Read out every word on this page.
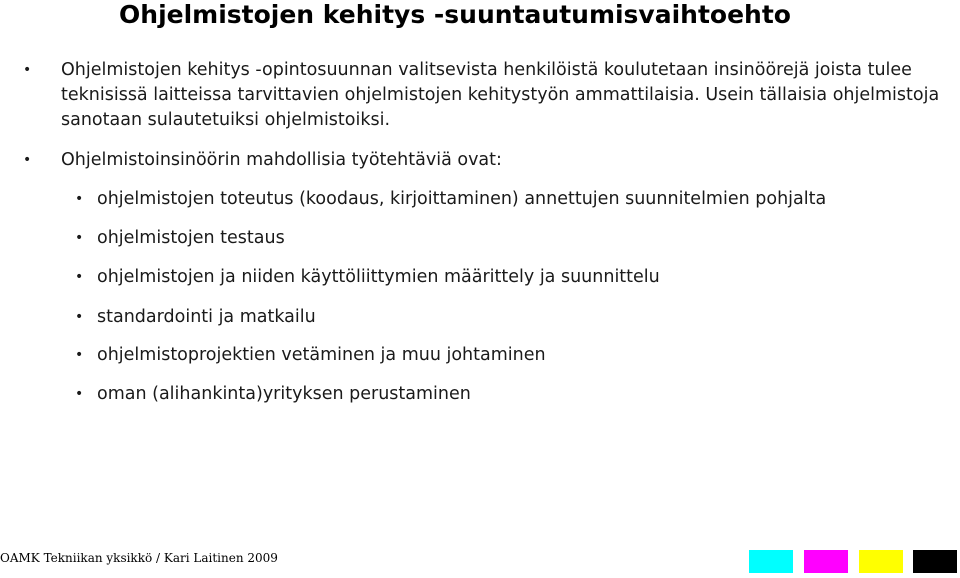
Ohjelmistojen kehitys -suuntautumisvaihtoehto
• Ohjelmistojen kehitys -opintosuunnan valitsevista henkilöistä koulutetaan insinöörejä joista tulee teknisissä laitteissa tarvittavien ohjelmistojen kehitystyön ammattilaisia. Usein tällaisia ohjelmistoja sanotaan sulautetuiksi ohjelmistoiksi.

• Ohjelmistoinsinöörin mahdollisia työtehtäviä ovat:

• ohjelmistojen toteutus (koodaus, kirjoittaminen) annettujen suunnitelmien pohjalta
• ohjelmistojen testaus
• ohjelmistojen ja niiden käyttöliittymien määrittely ja suunnittelu
• standardointi ja matkailu
• ohjelmistoprojektien vetäminen ja muu johtaminen
• oman (alihankinta)yrityksen perustaminen
OAMK Tekniikan yksikkö / Kari Laitinen 2009
